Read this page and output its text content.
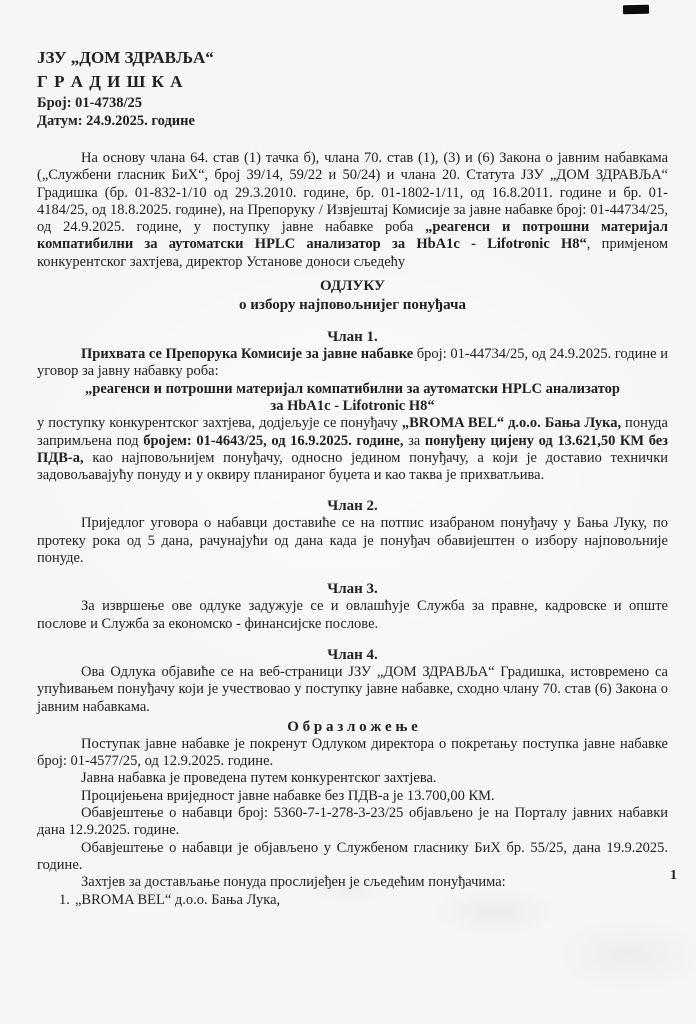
ЈЗУ „ДОМ ЗДРАВЉА“
Г Р А Д И Ш К А
Број: 01-4738/25
Датум: 24.9.2025. године

На основу члана 64. став (1) тачка б), члана 70. став (1), (3) и (6) Закона о јавним набавкама („Службени гласник БиХ“, број 39/14, 59/22 и 50/24) и члана 20. Статута ЈЗУ „ДОМ ЗДРАВЉА“ Градишка (бр. 01-832-1/10 од 29.3.2010. године, бр. 01-1802-1/11, од 16.8.2011. године и бр. 01-4184/25, од 18.8.2025. године), на Препоруку / Извјештај Комисије за јавне набавке број: 01-44734/25, од 24.9.2025. године, у поступку јавне набавке роба „реагенси и потрошни материјал компатибилни за аутоматски HPLC анализатор за HbA1c - Lifotronic H8“, примјеном конкурентског захтјева, директор Установе доноси сљедећу

ОДЛУКУ

о избору најповољнијег понуђача

Члан 1.

Прихвата се Препорука Комисије за јавне набавке број: 01-44734/25, од 24.9.2025. године и уговор за јавну набавку роба:

„реагенси и потрошни материјал компатибилни за аутоматски HPLC анализатор

за HbA1c - Lifotronic H8“

у поступку конкурентског захтјева, додјељује се понуђачу „BROMA BEL“ д.о.о. Бања Лука, понуда запримљена под бројем: 01-4643/25, од 16.9.2025. године, за понуђену цијену од 13.621,50 КМ без ПДВ-а, као најповољнијем понуђачу, односно једином понуђачу, а који је доставио технички задовољавајућу понуду и у оквиру планираног буџета и као таква је прихватљива.

Члан 2.

Приједлог уговора о набавци доставиће се на потпис изабраном понуђачу у Бања Луку, по протеку рока од 5 дана, рачунајући од дана када је понуђач обавијештен о избору најповољније понуде.

Члан 3.

За извршење ове одлуке задужује се и овлашћује Служба за правне, кадровске и опште послове и Служба за економско - финансијске послове.

Члан 4.

Ова Одлука објавиће се на веб-страници ЈЗУ „ДОМ ЗДРАВЉА“ Градишка, истовремено са упућивањем понуђачу који је учествовао у поступку јавне набавке, сходно члану 70. став (6) Закона о јавним набавкама.

О б р а з л о ж е њ е

Поступак јавне набавке је покренут Одлуком директора о покретању поступка јавне набавке број: 01-4577/25, од 12.9.2025. године.

Јавна набавка је проведена путем конкурентског захтјева.

Процијењена вриједност јавне набавке без ПДВ-а је 13.700,00 КМ.

Обавјештење о набавци број: 5360-7-1-278-3-23/25 објављено је на Порталу јавних набавки дана 12.9.2025. године.

Обавјештење о набавци је објављено у Службеном гласнику БиХ бр. 55/25, дана 19.9.2025. године.

Захтјев за достављање понуда прослијеђен је сљедећим понуђачима:

1. „BROMA BEL“ д.о.о. Бања Лука,
1
